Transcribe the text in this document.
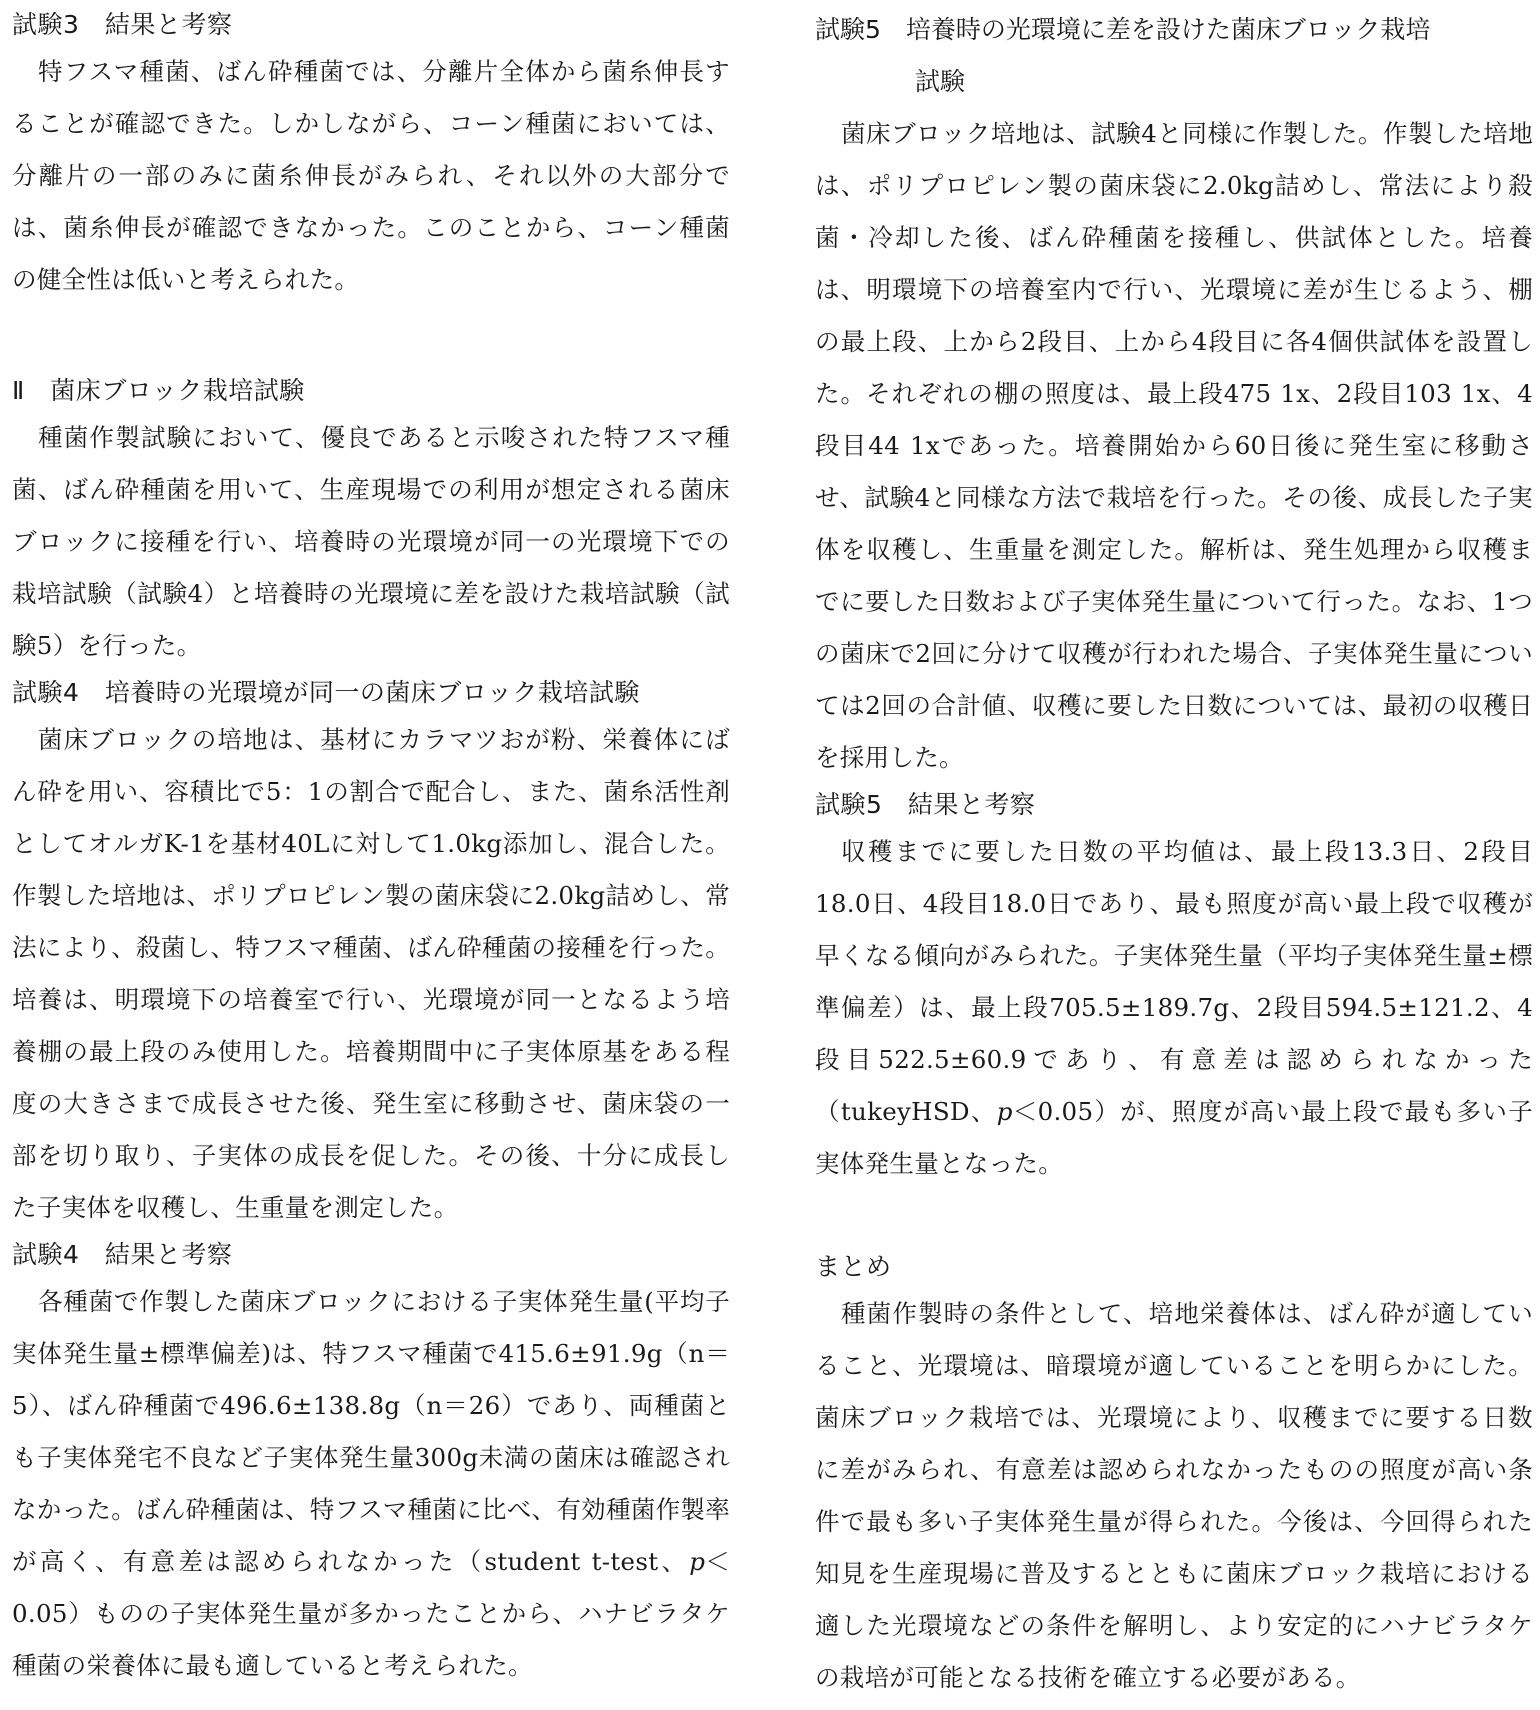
試験3　結果と考察

特フスマ種菌、ばん砕種菌では、分離片全体から菌糸伸長することが確認できた。しかしながら、コーン種菌においては、分離片の一部のみに菌糸伸長がみられ、それ以外の大部分では、菌糸伸長が確認できなかった。このことから、コーン種菌の健全性は低いと考えられた。

Ⅱ　菌床ブロック栽培試験

種菌作製試験において、優良であると示唆された特フスマ種菌、ばん砕種菌を用いて、生産現場での利用が想定される菌床ブロックに接種を行い、培養時の光環境が同一の光環境下での栽培試験（試験4）と培養時の光環境に差を設けた栽培試験（試験5）を行った。

試験4　培養時の光環境が同一の菌床ブロック栽培試験

菌床ブロックの培地は、基材にカラマツおが粉、栄養体にばん砕を用い、容積比で5：1の割合で配合し、また、菌糸活性剤としてオルガK-1を基材40Lに対して1.0kg添加し、混合した。作製した培地は、ポリプロピレン製の菌床袋に2.0kg詰めし、常法により、殺菌し、特フスマ種菌、ばん砕種菌の接種を行った。培養は、明環境下の培養室で行い、光環境が同一となるよう培養棚の最上段のみ使用した。培養期間中に子実体原基をある程度の大きさまで成長させた後、発生室に移動させ、菌床袋の一部を切り取り、子実体の成長を促した。その後、十分に成長した子実体を収穫し、生重量を測定した。

試験4　結果と考察

各種菌で作製した菌床ブロックにおける子実体発生量(平均子実体発生量±標準偏差)は、特フスマ種菌で415.6±91.9g（n＝5）、ばん砕種菌で496.6±138.8g（n＝26）であり、両種菌とも子実体発宅不良など子実体発生量300g未満の菌床は確認されなかった。ばん砕種菌は、特フスマ種菌に比べ、有効種菌作製率が高く、有意差は認められなかった（student t-test、p＜0.05）ものの子実体発生量が多かったことから、ハナビラタケ種菌の栄養体に最も適していると考えられた。

試験5　培養時の光環境に差を設けた菌床ブロック栽培
試験

菌床ブロック培地は、試験4と同様に作製した。作製した培地は、ポリプロピレン製の菌床袋に2.0kg詰めし、常法により殺菌・冷却した後、ばん砕種菌を接種し、供試体とした。培養は、明環境下の培養室内で行い、光環境に差が生じるよう、棚の最上段、上から2段目、上から4段目に各4個供試体を設置した。それぞれの棚の照度は、最上段475 1x、2段目103 1x、4段目44 1xであった。培養開始から60日後に発生室に移動させ、試験4と同様な方法で栽培を行った。その後、成長した子実体を収穫し、生重量を測定した。解析は、発生処理から収穫までに要した日数および子実体発生量について行った。なお、1つの菌床で2回に分けて収穫が行われた場合、子実体発生量については2回の合計値、収穫に要した日数については、最初の収穫日を採用した。

試験5　結果と考察

収穫までに要した日数の平均値は、最上段13.3日、2段目18.0日、4段目18.0日であり、最も照度が高い最上段で収穫が早くなる傾向がみられた。子実体発生量（平均子実体発生量±標準偏差）は、最上段705.5±189.7g、2段目594.5±121.2、4段目522.5±60.9であり、有意差は認められなかった（tukeyHSD、p＜0.05）が、照度が高い最上段で最も多い子実体発生量となった。

まとめ

種菌作製時の条件として、培地栄養体は、ばん砕が適していること、光環境は、暗環境が適していることを明らかにした。菌床ブロック栽培では、光環境により、収穫までに要する日数に差がみられ、有意差は認められなかったものの照度が高い条件で最も多い子実体発生量が得られた。今後は、今回得られた知見を生産現場に普及するとともに菌床ブロック栽培における適した光環境などの条件を解明し、より安定的にハナビラタケの栽培が可能となる技術を確立する必要がある。
